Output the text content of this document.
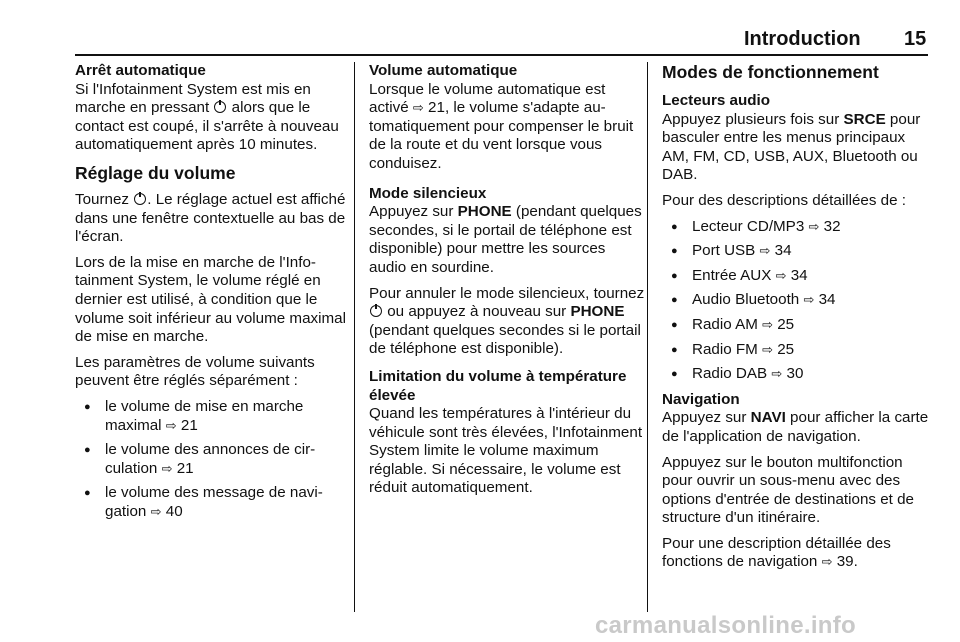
Introduction 15
Arrêt automatique

Si l'Infotainment System est mis en marche en pressant  alors que le contact est coupé, il s'arrête à nouveau automatiquement après 10 minutes.

Réglage du volume

Tournez . Le réglage actuel est affiché dans une fenêtre contextuelle au bas de l'écran.

Lors de la mise en marche de l'Infotainment System, le volume réglé en dernier est utilisé, à condition que le volume soit inférieur au volume maximal de mise en marche.

Les paramètres de volume suivants peuvent être réglés séparément :

● le volume de mise en marche maximal ⇨ 21
● le volume des annonces de circulation ⇨ 21
● le volume des message de navigation ⇨ 40
Volume automatique

Lorsque le volume automatique est activé ⇨ 21, le volume s'adapte automatiquement pour compenser le bruit de la route et du vent lorsque vous conduisez.

Mode silencieux

Appuyez sur PHONE (pendant quelques secondes, si le portail de téléphone est disponible) pour mettre les sources audio en sourdine.

Pour annuler le mode silencieux, tournez  ou appuyez à nouveau sur PHONE (pendant quelques secondes si le portail de téléphone est disponible).

Limitation du volume à température élevée

Quand les températures à l'intérieur du véhicule sont très élevées, l'Infotainment System limite le volume maximum réglable. Si nécessaire, le volume est réduit automatiquement.

Modes de fonctionnement

Lecteurs audio

Appuyez plusieurs fois sur SRCE pour basculer entre les menus principaux AM, FM, CD, USB, AUX, Bluetooth ou DAB.

Pour des descriptions détaillées de :

● Lecteur CD/MP3 ⇨ 32
● Port USB ⇨ 34
● Entrée AUX ⇨ 34
● Audio Bluetooth ⇨ 34
● Radio AM ⇨ 25
● Radio FM ⇨ 25
● Radio DAB ⇨ 30
Navigation

Appuyez sur NAVI pour afficher la carte de l'application de navigation.

Appuyez sur le bouton multifonction pour ouvrir un sous-menu avec des options d'entrée de destinations et de structure d'un itinéraire.

Pour une description détaillée des fonctions de navigation ⇨ 39.

carmanualsonline.info
